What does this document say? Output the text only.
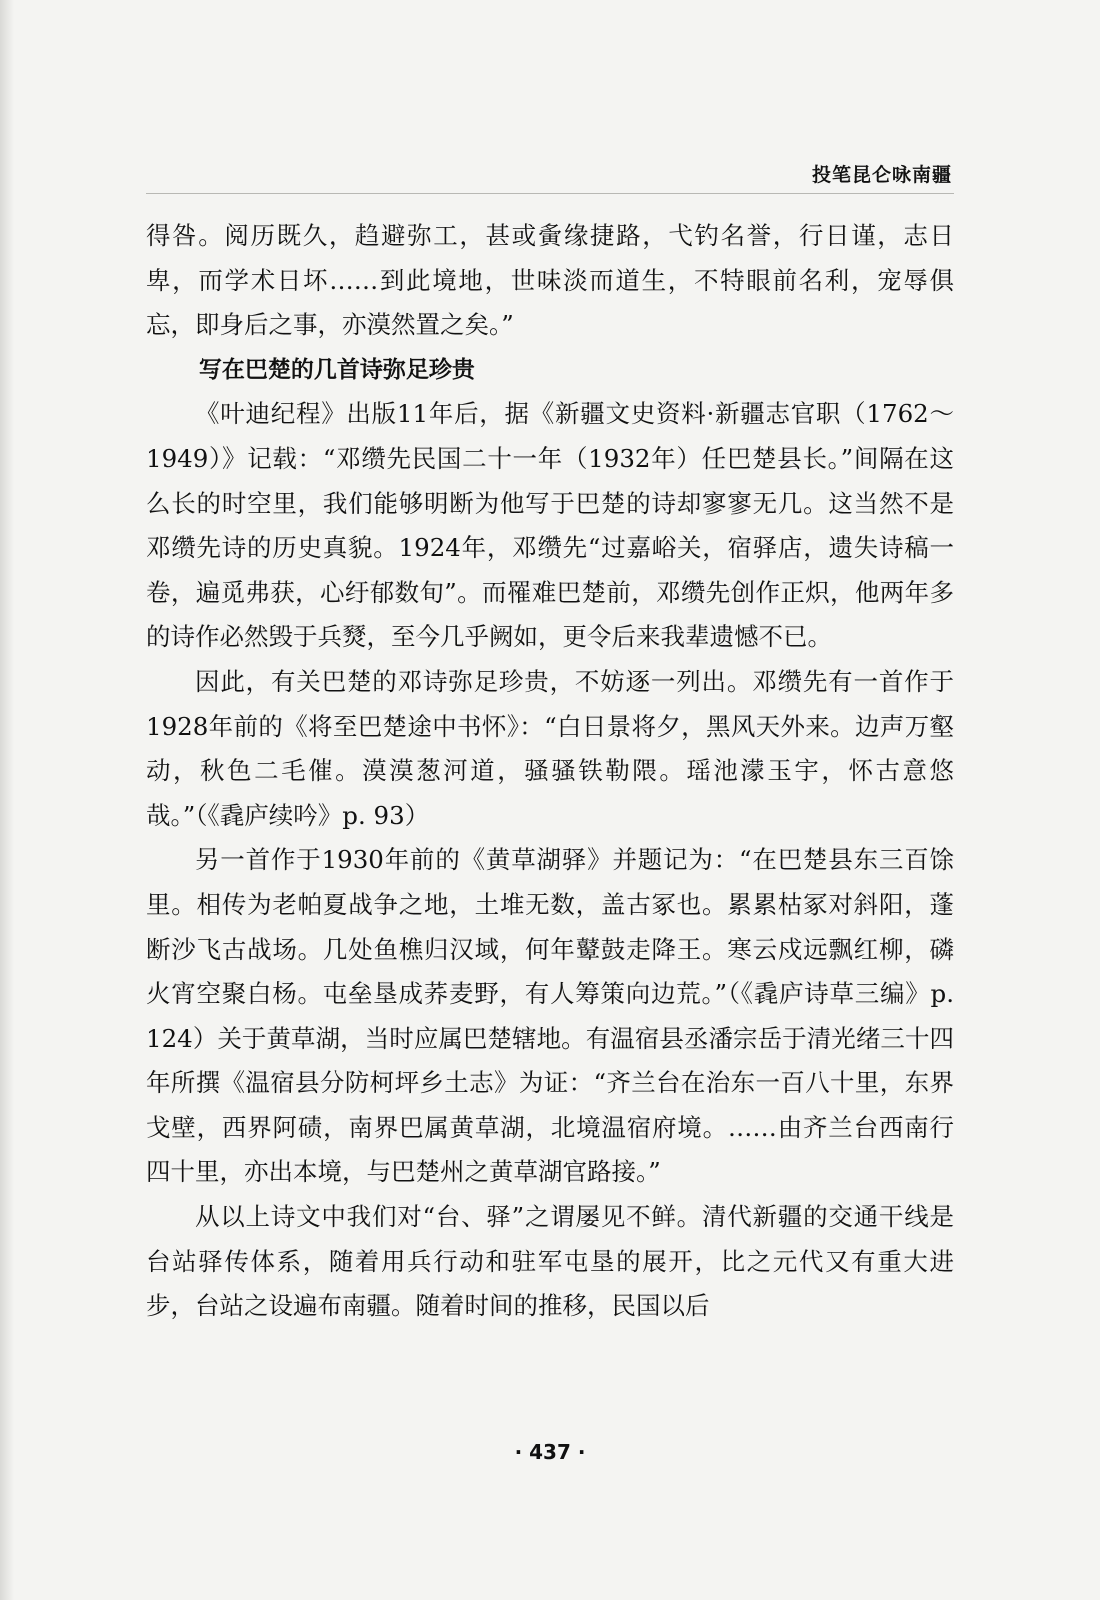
投笔昆仑咏南疆

得咎。阅历既久，趋避弥工，甚或夤缘捷路，弋钓名誉，行日谨，志日卑，而学术日坏……到此境地，世味淡而道生，不特眼前名利，宠辱俱忘，即身后之事，亦漠然置之矣。”

写在巴楚的几首诗弥足珍贵

《叶迪纪程》出版11年后，据《新疆文史资料·新疆志官职（1762～1949）》记载：“邓缵先民国二十一年（1932年）任巴楚县长。”间隔在这么长的时空里，我们能够明断为他写于巴楚的诗却寥寥无几。这当然不是邓缵先诗的历史真貌。1924年，邓缵先“过嘉峪关，宿驿店，遗失诗稿一卷，遍觅弗获，心纡郁数旬”。而罹难巴楚前，邓缵先创作正炽，他两年多的诗作必然毁于兵燹，至今几乎阙如，更令后来我辈遗憾不已。

因此，有关巴楚的邓诗弥足珍贵，不妨逐一列出。邓缵先有一首作于1928年前的《将至巴楚途中书怀》：“白日景将夕，黑风天外来。边声万壑动，秋色二毛催。漠漠葱河道，骚骚铁勒隈。瑶池濛玉宇，怀古意悠哉。”（《毳庐续吟》p. 93）

另一首作于1930年前的《黄草湖驿》并题记为：“在巴楚县东三百馀里。相传为老帕夏战争之地，土堆无数，盖古冢也。累累枯冢对斜阳，蓬断沙飞古战场。几处鱼樵归汉域，何年鼙鼓走降王。寒云戍远飘红柳，磷火宵空聚白杨。屯垒垦成荞麦野，有人筹策向边荒。”（《毳庐诗草三编》p. 124）关于黄草湖，当时应属巴楚辖地。有温宿县丞潘宗岳于清光绪三十四年所撰《温宿县分防柯坪乡土志》为证：“齐兰台在治东一百八十里，东界戈壁，西界阿碛，南界巴属黄草湖，北境温宿府境。……由齐兰台西南行四十里，亦出本境，与巴楚州之黄草湖官路接。”

从以上诗文中我们对“台、驿”之谓屡见不鲜。清代新疆的交通干线是台站驿传体系，随着用兵行动和驻军屯垦的展开，比之元代又有重大进步，台站之设遍布南疆。随着时间的推移，民国以后

· 437 ·
